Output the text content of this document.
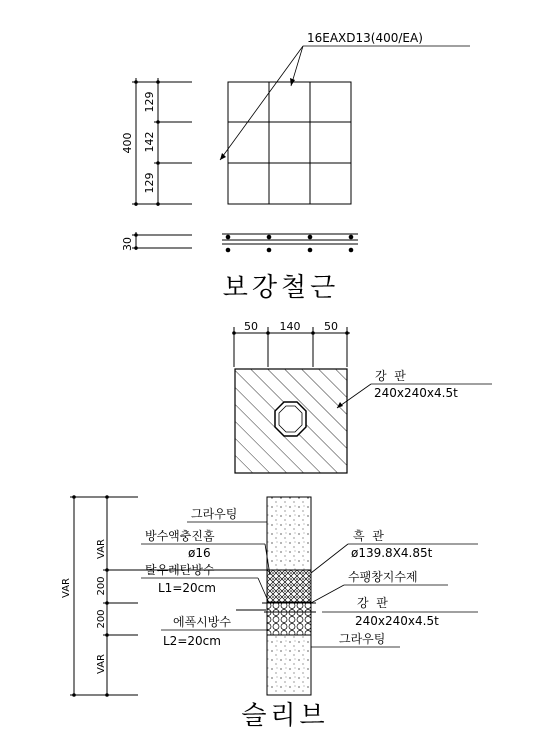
16EAXD13(400/EA)
400
129
142
129
30
보강철근
50 140 50
강  판
240x240x4.5t
VAR
VAR
200
200
VAR
그라우팅
방수액충진홈
ø16
탈우레탄방수
L1=20cm
에폭시방수
L2=20cm
흑  관
ø139.8X4.85t
수팽창지수제
강  판
240x240x4.5t
그라우팅
슬리브
